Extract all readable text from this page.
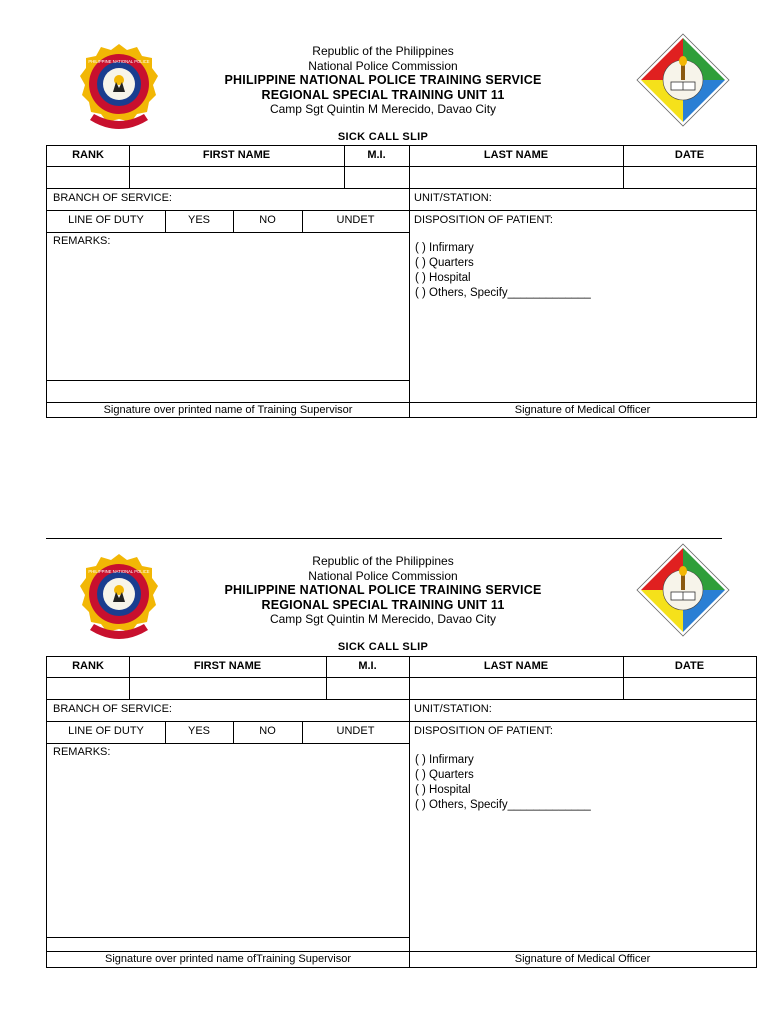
PHILIPPINE NATIONAL POLICE
Republic of the Philippines
National Police Commission
PHILIPPINE NATIONAL POLICE TRAINING SERVICE
REGIONAL SPECIAL TRAINING UNIT 11
Camp Sgt Quintin M Merecido, Davao City
SICK CALL SLIP
RANK	FIRST NAME	M.I.	LAST NAME	DATE
BRANCH OF SERVICE:	UNIT/STATION:
LINE OF DUTY	YES	NO	UNDET	DISPOSITION OF PATIENT:
( ) Infirmary
( ) Quarters
( ) Hospital
( ) Others, Specify_____________
REMARKS:
Signature over printed name of Training Supervisor	Signature of Medical Officer
PHILIPPINE NATIONAL POLICE
Republic of the Philippines
National Police Commission
PHILIPPINE NATIONAL POLICE TRAINING SERVICE
REGIONAL SPECIAL TRAINING UNIT 11
Camp Sgt Quintin M Merecido, Davao City
SICK CALL SLIP
RANK	FIRST NAME	M.I.	LAST NAME	DATE
BRANCH OF SERVICE:	UNIT/STATION:
LINE OF DUTY	YES	NO	UNDET	DISPOSITION OF PATIENT:
( ) Infirmary
( ) Quarters
( ) Hospital
( ) Others, Specify_____________
REMARKS:
Signature over printed name ofTraining Supervisor	Signature of Medical Officer
